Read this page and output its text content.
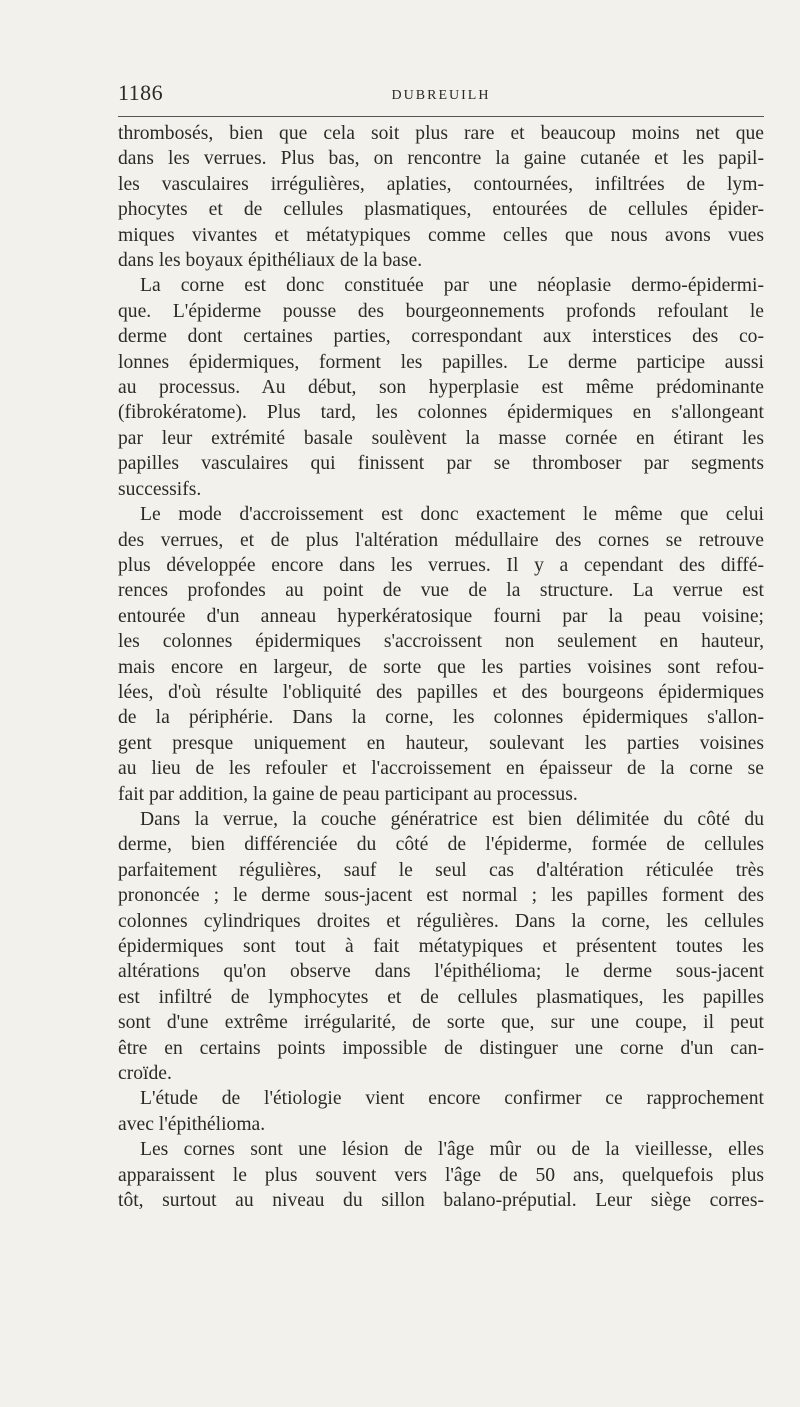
1186	DUBREUILH
thrombosés, bien que cela soit plus rare et beaucoup moins net que
dans les verrues. Plus bas, on rencontre la gaine cutanée et les papil-
les vasculaires irrégulières, aplaties, contournées, infiltrées de lym-
phocytes et de cellules plasmatiques, entourées de cellules épider-
miques vivantes et métatypiques comme celles que nous avons vues
dans les boyaux épithéliaux de la base.
La corne est donc constituée par une néoplasie dermo-épidermi-
que. L'épiderme pousse des bourgeonnements profonds refoulant le
derme dont certaines parties, correspondant aux interstices des co-
lonnes épidermiques, forment les papilles. Le derme participe aussi
au processus. Au début, son hyperplasie est même prédominante
(fibrokératome). Plus tard, les colonnes épidermiques en s'allongeant
par leur extrémité basale soulèvent la masse cornée en étirant les
papilles vasculaires qui finissent par se thromboser par segments
successifs.
Le mode d'accroissement est donc exactement le même que celui
des verrues, et de plus l'altération médullaire des cornes se retrouve
plus développée encore dans les verrues. Il y a cependant des diffé-
rences profondes au point de vue de la structure. La verrue est
entourée d'un anneau hyperkératosique fourni par la peau voisine;
les colonnes épidermiques s'accroissent non seulement en hauteur,
mais encore en largeur, de sorte que les parties voisines sont refou-
lées, d'où résulte l'obliquité des papilles et des bourgeons épidermiques
de la périphérie. Dans la corne, les colonnes épidermiques s'allon-
gent presque uniquement en hauteur, soulevant les parties voisines
au lieu de les refouler et l'accroissement en épaisseur de la corne se
fait par addition, la gaine de peau participant au processus.
Dans la verrue, la couche génératrice est bien délimitée du côté du
derme, bien différenciée du côté de l'épiderme, formée de cellules
parfaitement régulières, sauf le seul cas d'altération réticulée très
prononcée ; le derme sous-jacent est normal ; les papilles forment des
colonnes cylindriques droites et régulières. Dans la corne, les cellules
épidermiques sont tout à fait métatypiques et présentent toutes les
altérations qu'on observe dans l'épithélioma; le derme sous-jacent
est infiltré de lymphocytes et de cellules plasmatiques, les papilles
sont d'une extrême irrégularité, de sorte que, sur une coupe, il peut
être en certains points impossible de distinguer une corne d'un can-
croïde.
L'étude de l'étiologie vient encore confirmer ce rapprochement
avec l'épithélioma.
Les cornes sont une lésion de l'âge mûr ou de la vieillesse, elles
apparaissent le plus souvent vers l'âge de 50 ans, quelquefois plus
tôt, surtout au niveau du sillon balano-préputial. Leur siège corres-
